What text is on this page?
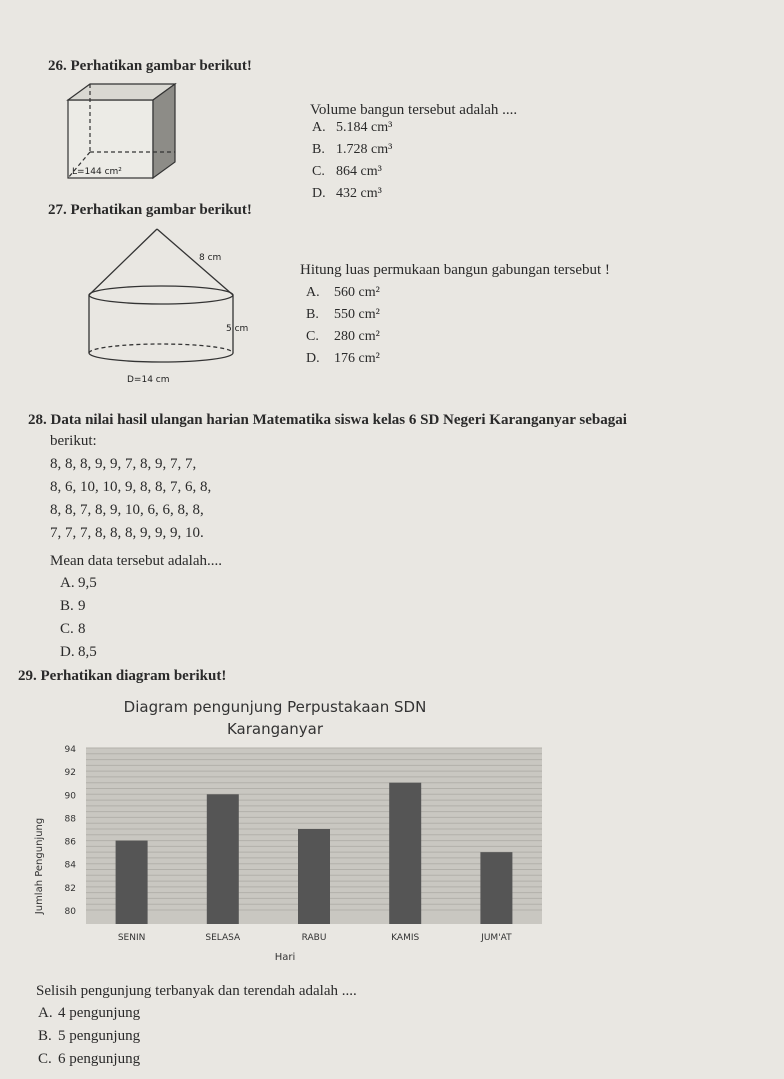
26. Perhatikan gambar berikut!
L=144 cm²
Volume bangun tersebut adalah ....
A. 5.184 cm³
B. 1.728 cm³
C. 864 cm³
D. 432 cm³
27. Perhatikan gambar berikut!
8 cm
5 cm
D=14 cm
Hitung luas permukaan bangun gabungan tersebut !
A. 560 cm²
B. 550 cm²
C. 280 cm²
D. 176 cm²
28. Data nilai hasil ulangan harian Matematika siswa kelas 6 SD Negeri Karanganyar sebagai
berikut:
8, 8, 8, 9, 9, 7, 8, 9, 7, 7,
8, 6, 10, 10, 9, 8, 8, 7, 6, 8,
8, 8, 7, 8, 9, 10, 6, 6, 8, 8,
7, 7, 7, 8, 8, 8, 9, 9, 9, 10.
Mean data tersebut adalah....
A. 9,5
B. 9
C. 8
D. 8,5
29. Perhatikan diagram berikut!
Diagram pengunjung Perpustakaan SDN
Karanganyar
80
82
84
86
88
90
92
94
SENIN	SELASA	RABU	KAMIS	JUM'AT
Jumlah Pengunjung
Hari
Selisih pengunjung terbanyak dan terendah adalah ....
A. 4 pengunjung
B. 5 pengunjung
C. 6 pengunjung
